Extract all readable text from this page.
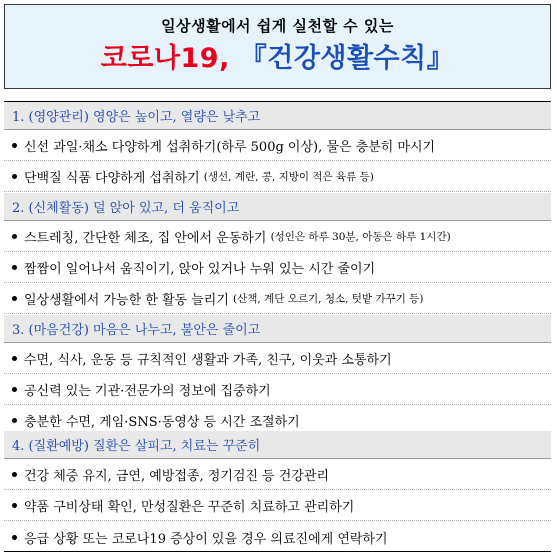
일상생활에서 쉽게 실천할 수 있는
코로나19, 『건강생활수칙』
1. (영양관리) 영양은 높이고, 열량은 낮추고
신선 과일·채소 다양하게 섭취하기(하루 500g 이상), 물은 충분히 마시기
단백질 식품 다양하게 섭취하기
(생선, 계란, 콩, 지방이 적은 육류 등)
2. (신체활동) 덜 앉아 있고, 더 움직이고
스트레칭, 간단한 체조, 집 안에서 운동하기
(성인은 하루 30분, 아동은 하루 1시간)
짬짬이 일어나서 움직이기, 앉아 있거나 누워 있는 시간 줄이기
일상생활에서 가능한 한 활동 늘리기
(산책, 계단 오르기, 청소, 텃밭 가꾸기 등)
3. (마음건강) 마음은 나누고, 불안은 줄이고
수면, 식사, 운동 등 규칙적인 생활과 가족, 친구, 이웃과 소통하기
공신력 있는 기관·전문가의 정보에 집중하기
충분한 수면, 게임·SNS·동영상 등 시간 조절하기
4. (질환예방) 질환은 살피고, 치료는 꾸준히
건강 체중 유지, 금연, 예방접종, 정기검진 등 건강관리
약품 구비상태 확인, 만성질환은 꾸준히 치료하고 관리하기
응급 상황 또는 코로나19 증상이 있을 경우 의료진에게 연락하기
